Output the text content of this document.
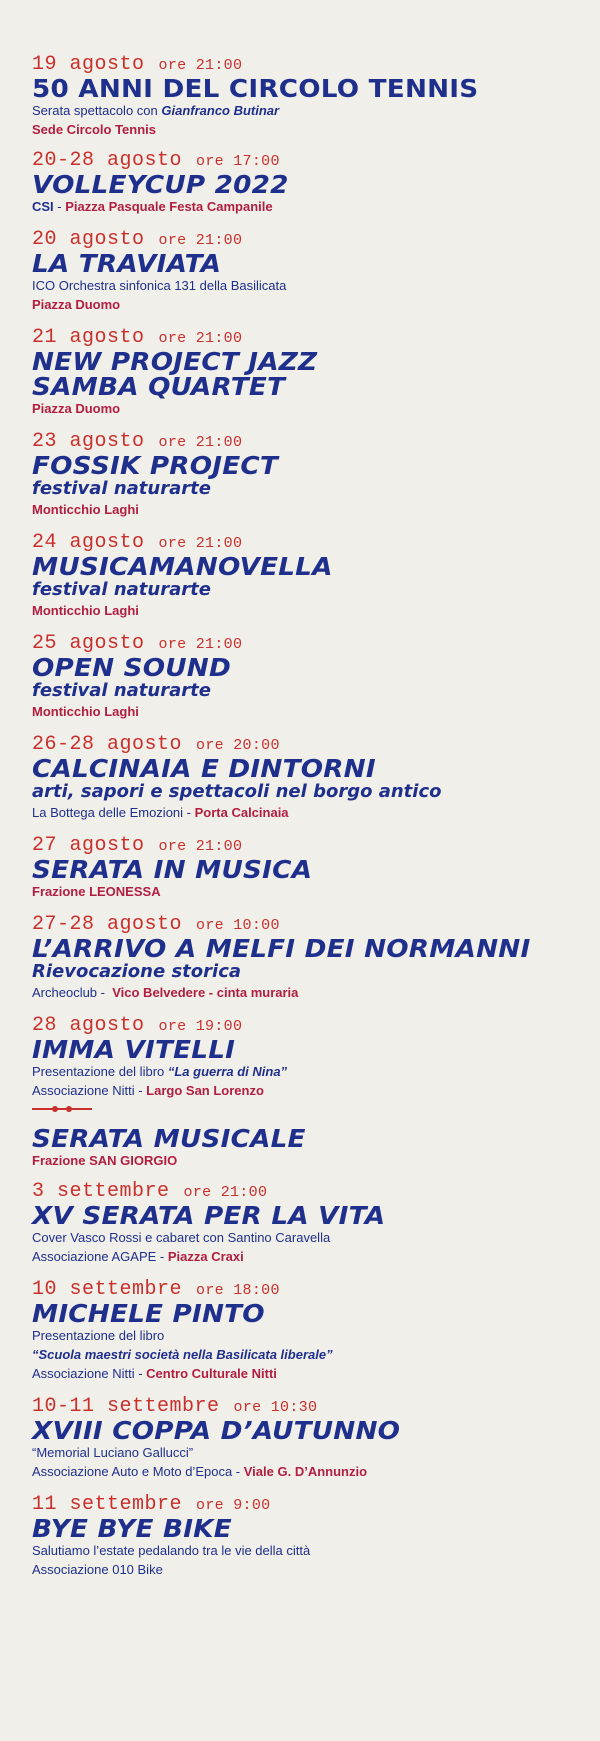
19 agosto ore 21:00
50 ANNI DEL CIRCOLO TENNIS
Serata spettacolo con Gianfranco Butinar
Sede Circolo Tennis
20-28 agosto ore 17:00
VOLLEYCUP 2022
CSI - Piazza Pasquale Festa Campanile
20 agosto ore 21:00
LA TRAVIATA
ICO Orchestra sinfonica 131 della Basilicata
Piazza Duomo
21 agosto ore 21:00
NEW PROJECT JAZZ
SAMBA QUARTET
Piazza Duomo
23 agosto ore 21:00
FOSSIK PROJECT
festival naturarte
Monticchio Laghi
24 agosto ore 21:00
MUSICAMANOVELLA
festival naturarte
Monticchio Laghi
25 agosto ore 21:00
OPEN SOUND
festival naturarte
Monticchio Laghi
26-28 agosto ore 20:00
CALCINAIA E DINTORNI
arti, sapori e spettacoli nel borgo antico
La Bottega delle Emozioni - Porta Calcinaia
27 agosto ore 21:00
SERATA IN MUSICA
Frazione LEONESSA
27-28 agosto ore 10:00
L’ARRIVO A MELFI DEI NORMANNI
Rievocazione storica
Archeoclub -  Vico Belvedere - cinta muraria
28 agosto ore 19:00
IMMA VITELLI
Presentazione del libro “La guerra di Nina”
Associazione Nitti - Largo San Lorenzo
SERATA MUSICALE
Frazione SAN GIORGIO
3 settembre ore 21:00
XV SERATA PER LA VITA
Cover Vasco Rossi e cabaret con Santino Caravella
Associazione AGAPE - Piazza Craxi
10 settembre ore 18:00
MICHELE PINTO
Presentazione del libro
“Scuola maestri società nella Basilicata liberale”
Associazione Nitti - Centro Culturale Nitti
10-11 settembre ore 10:30
XVIII COPPA D’AUTUNNO
“Memorial Luciano Gallucci”
Associazione Auto e Moto d’Epoca - Viale G. D’Annunzio
11 settembre ore 9:00
BYE BYE BIKE
Salutiamo l’estate pedalando tra le vie della città
Associazione 010 Bike
